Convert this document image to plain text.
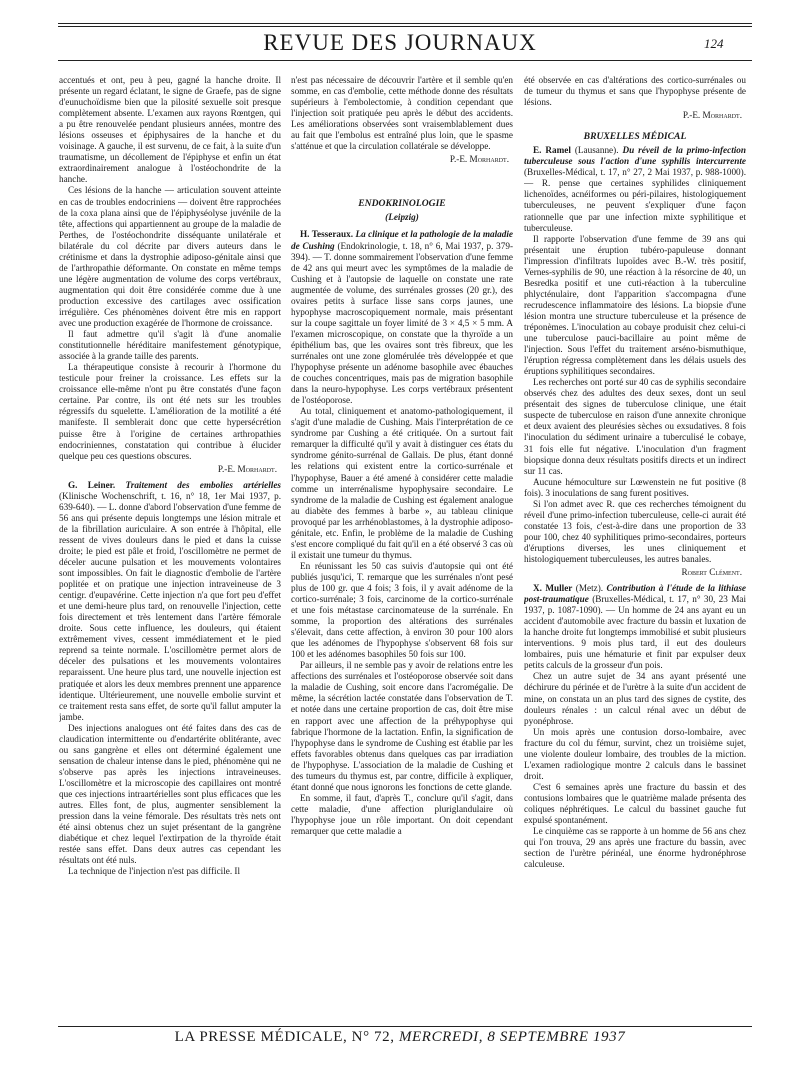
REVUE DES JOURNAUX	124

accentués et ont, peu à peu, gagné la hanche droite. Il présente un regard éclatant, le signe de Graefe, pas de signe d'eunuchoïdisme bien que la pilosité sexuelle soit presque complètement absente. L'examen aux rayons Rœntgen, qui a pu être renouvelée pendant plusieurs années, montre des lésions osseuses et épiphysaires de la hanche et du voisinage. A gauche, il est survenu, de ce fait, à la suite d'un traumatisme, un décollement de l'épiphyse et enfin un état extraordinairement analogue à l'ostéochondrite de la hanche.

Ces lésions de la hanche — articulation souvent atteinte en cas de troubles endocriniens — doivent être rapprochées de la coxa plana ainsi que de l'épiphyséolyse juvénile de la tête, affections qui appartiennent au groupe de la maladie de Perthes, de l'ostéochondrite disséquante unilatérale et bilatérale du col décrite par divers auteurs dans le crétinisme et dans la dystrophie adiposo-génitale ainsi que de l'arthropathie déformante. On constate en même temps une légère augmentation de volume des corps vertébraux, augmentation qui doit être considérée comme due à une production excessive des cartilages avec ossification irrégulière. Ces phénomènes doivent être mis en rapport avec une production exagérée de l'hormone de croissance.

Il faut admettre qu'il s'agit là d'une anomalie constitutionnelle héréditaire manifestement génotypique, associée à la grande taille des parents.

La thérapeutique consiste à recourir à l'hormone du testicule pour freiner la croissance. Les effets sur la croissance elle-même n'ont pu être constatés d'une façon certaine. Par contre, ils ont été nets sur les troubles régressifs du squelette. L'amélioration de la motilité a été manifeste. Il semblerait donc que cette hypersécrétion puisse être à l'origine de certaines arthropathies endocriniennes, constatation qui contribue à élucider quelque peu ces questions obscures.

P.-E. Morhardt.

G. Leiner. Traitement des embolies artérielles (Klinische Wochenschrift, t. 16, n° 18, 1er Mai 1937, p. 639-640). — L. donne d'abord l'observation d'une femme de 56 ans qui présente depuis longtemps une lésion mitrale et de la fibrillation auriculaire. A son entrée à l'hôpital, elle ressent de vives douleurs dans le pied et dans la cuisse droite; le pied est pâle et froid, l'oscillomètre ne permet de déceler aucune pulsation et les mouvements volontaires sont impossibles. On fait le diagnostic d'embolie de l'artère poplitée et on pratique une injection intraveineuse de 3 centigr. d'eupavérine. Cette injection n'a que fort peu d'effet et une demi-heure plus tard, on renouvelle l'injection, cette fois directement et très lentement dans l'artère fémorale droite. Sous cette influence, les douleurs, qui étaient extrêmement vives, cessent immédiatement et le pied reprend sa teinte normale. L'oscillomètre permet alors de déceler des pulsations et les mouvements volontaires reparaissent. Une heure plus tard, une nouvelle injection est pratiquée et alors les deux membres prennent une apparence identique. Ultérieurement, une nouvelle embolie survint et ce traitement resta sans effet, de sorte qu'il fallut amputer la jambe.

Des injections analogues ont été faites dans des cas de claudication intermittente ou d'endartérite oblitérante, avec ou sans gangrène et elles ont déterminé également une sensation de chaleur intense dans le pied, phénomène qui ne s'observe pas après les injections intraveineuses. L'oscillomètre et la microscopie des capillaires ont montré que ces injections intraartérielles sont plus efficaces que les autres. Elles font, de plus, augmenter sensiblement la pression dans la veine fémorale. Des résultats très nets ont été ainsi obtenus chez un sujet présentant de la gangrène diabétique et chez lequel l'extirpation de la thyroïde était restée sans effet. Dans deux autres cas cependant les résultats ont été nuls.

La technique de l'injection n'est pas difficile. Il

n'est pas nécessaire de découvrir l'artère et il semble qu'en somme, en cas d'embolie, cette méthode donne des résultats supérieurs à l'embolectomie, à condition cependant que l'injection soit pratiquée peu après le début des accidents. Les améliorations observées sont vraisemblablement dues au fait que l'embolus est entraîné plus loin, que le spasme s'atténue et que la circulation collatérale se développe.

P.-E. Morhardt.

ENDOKRINOLOGIE

(Leipzig)

H. Tesseraux. La clinique et la pathologie de la maladie de Cushing (Endokrinologie, t. 18, n° 6, Mai 1937, p. 379-394). — T. donne sommairement l'observation d'une femme de 42 ans qui meurt avec les symptômes de la maladie de Cushing et à l'autopsie de laquelle on constate une rate augmentée de volume, des surrénales grosses (20 gr.), des ovaires petits à surface lisse sans corps jaunes, une hypophyse macroscopiquement normale, mais présentant sur la coupe sagittale un foyer limité de 3 × 4,5 × 5 mm. A l'examen microscopique, on constate que la thyroïde a un épithélium bas, que les ovaires sont très fibreux, que les surrénales ont une zone glomérulée très développée et que l'hypophyse présente un adénome basophile avec ébauches de couches concentriques, mais pas de migration basophile dans la neuro-hypophyse. Les corps vertébraux présentent de l'ostéoporose.

Au total, cliniquement et anatomo-pathologiquement, il s'agit d'une maladie de Cushing. Mais l'interprétation de ce syndrome par Cushing a été critiquée. On a surtout fait remarquer la difficulté qu'il y avait à distinguer ces états du syndrome génito-surrénal de Gallais. De plus, étant donné les relations qui existent entre la cortico-surrénale et l'hypophyse, Bauer a été amené à considérer cette maladie comme un interrénalisme hypophysaire secondaire. Le syndrome de la maladie de Cushing est également analogue au diabète des femmes à barbe », au tableau clinique provoqué par les arrhénoblastomes, à la dystrophie adiposo-génitale, etc. Enfin, le problème de la maladie de Cushing s'est encore compliqué du fait qu'il en a été observé 3 cas où il existait une tumeur du thymus.

En réunissant les 50 cas suivis d'autopsie qui ont été publiés jusqu'ici, T. remarque que les surrénales n'ont pesé plus de 100 gr. que 4 fois; 3 fois, il y avait adénome de la cortico-surrénale; 3 fois, carcinome de la cortico-surrénale et une fois métastase carcinomateuse de la surrénale. En somme, la proportion des altérations des surrénales s'élevait, dans cette affection, à environ 30 pour 100 alors que les adénomes de l'hypophyse s'observent 68 fois sur 100 et les adénomes basophiles 50 fois sur 100.

Par ailleurs, il ne semble pas y avoir de relations entre les affections des surrénales et l'ostéoporose observée soit dans la maladie de Cushing, soit encore dans l'acromégalie. De même, la sécrétion lactée constatée dans l'observation de T. et notée dans une certaine proportion de cas, doit être mise en rapport avec une affection de la préhypophyse qui fabrique l'hormone de la lactation. Enfin, la signification de l'hypophyse dans le syndrome de Cushing est établie par les effets favorables obtenus dans quelques cas par irradiation de l'hypophyse. L'association de la maladie de Cushing et des tumeurs du thymus est, par contre, difficile à expliquer, étant donné que nous ignorons les fonctions de cette glande.

En somme, il faut, d'après T., conclure qu'il s'agit, dans cette maladie, d'une affection pluriglandulaire où l'hypophyse joue un rôle important. On doit cependant remarquer que cette maladie a

été observée en cas d'altérations des cortico-surrénales ou de tumeur du thymus et sans que l'hypophyse présente de lésions.

P.-E. Morhardt.

BRUXELLES MÉDICAL

E. Ramel (Lausanne). Du réveil de la primo-infection tuberculeuse sous l'action d'une syphilis intercurrente (Bruxelles-Médical, t. 17, n° 27, 2 Mai 1937, p. 988-1000). — R. pense que certaines syphilides cliniquement lichenoïdes, acnéiformes ou péri-pilaires, histologiquement tuberculeuses, ne peuvent s'expliquer d'une façon rationnelle que par une infection mixte syphilitique et tuberculeuse.

Il rapporte l'observation d'une femme de 39 ans qui présentait une éruption tubéro-papuleuse donnant l'impression d'infiltrats lupoïdes avec B.-W. très positif, Vernes-syphilis de 90, une réaction à la résorcine de 40, un Besredka positif et une cuti-réaction à la tuberculine phlycténulaire, dont l'apparition s'accompagna d'une recrudescence inflammatoire des lésions. La biopsie d'une lésion montra une structure tuberculeuse et la présence de tréponèmes. L'inoculation au cobaye produisit chez celui-ci une tuberculose pauci-bacillaire au point même de l'injection. Sous l'effet du traitement arséno-bismuthique, l'éruption régressa complètement dans les délais usuels des éruptions syphilitiques secondaires.

Les recherches ont porté sur 40 cas de syphilis secondaire observés chez des adultes des deux sexes, dont un seul présentait des signes de tuberculose clinique, une était suspecte de tuberculose en raison d'une annexite chronique et deux avaient des pleurésies sèches ou exsudatives. 8 fois l'inoculation du sédiment urinaire a tuberculisé le cobaye, 31 fois elle fut négative. L'inoculation d'un fragment biopsique donna deux résultats positifs directs et un indirect sur 11 cas.

Aucune hémoculture sur Lœwenstein ne fut positive (8 fois). 3 inoculations de sang furent positives.

Si l'on admet avec R. que ces recherches témoignent du réveil d'une primo-infection tuberculeuse, celle-ci aurait été constatée 13 fois, c'est-à-dire dans une proportion de 33 pour 100, chez 40 syphilitiques primo-secondaires, porteurs d'éruptions diverses, les unes cliniquement et histologiquement tuberculeuses, les autres banales.

Robert Clément.

X. Muller (Metz). Contribution à l'étude de la lithiase post-traumatique (Bruxelles-Médical, t. 17, n° 30, 23 Mai 1937, p. 1087-1090). — Un homme de 24 ans ayant eu un accident d'automobile avec fracture du bassin et luxation de la hanche droite fut longtemps immobilisé et subit plusieurs interventions. 9 mois plus tard, il eut des douleurs lombaires, puis une hématurie et finit par expulser deux petits calculs de la grosseur d'un pois.

Chez un autre sujet de 34 ans ayant présenté une déchirure du périnée et de l'urètre à la suite d'un accident de mine, on constata un an plus tard des signes de cystite, des douleurs rénales : un calcul rénal avec un début de pyonéphrose.

Un mois après une contusion dorso-lombaire, avec fracture du col du fémur, survint, chez un troisième sujet, une violente douleur lombaire, des troubles de la miction. L'examen radiologique montre 2 calculs dans le bassinet droit.

C'est 6 semaines après une fracture du bassin et des contusions lombaires que le quatrième malade présenta des coliques néphrétiques. Le calcul du bassinet gauche fut expulsé spontanément.

Le cinquième cas se rapporte à un homme de 56 ans chez qui l'on trouva, 29 ans après une fracture du bassin, avec section de l'urètre périnéal, une énorme hydronéphrose calculeuse.

LA PRESSE MÉDICALE, N° 72, MERCREDI, 8 SEPTEMBRE 1937
